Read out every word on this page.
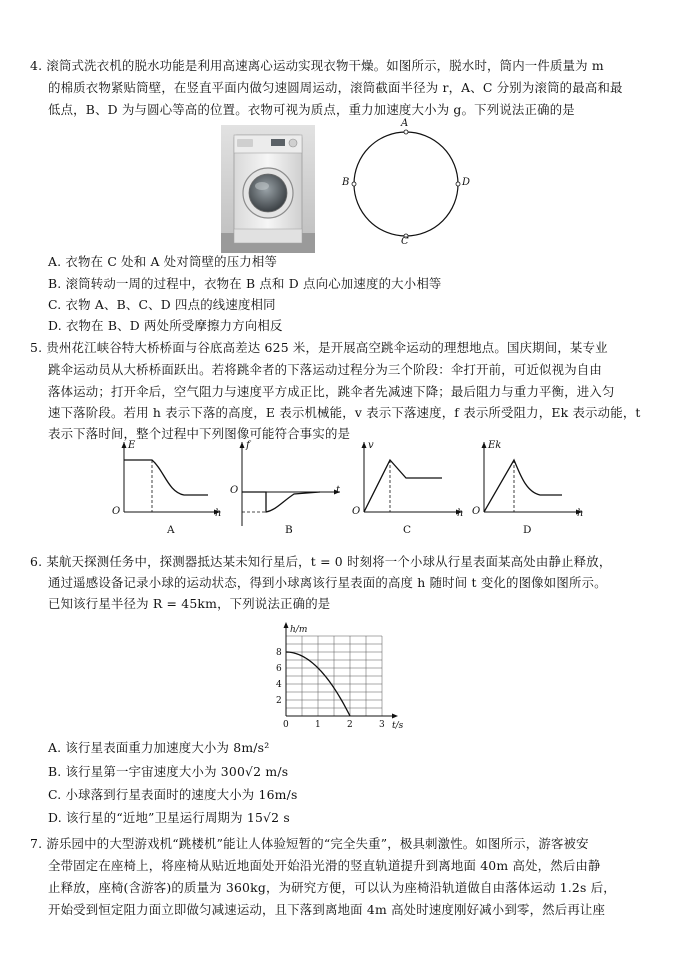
4. 滚筒式洗衣机的脱水功能是利用高速离心运动实现衣物干燥。如图所示，脱水时，筒内一件质量为 m
的棉质衣物紧贴筒壁，在竖直平面内做匀速圆周运动，滚筒截面半径为 r，A、C 分别为滚筒的最高和最
低点，B、D 为与圆心等高的位置。衣物可视为质点，重力加速度大小为 g。下列说法正确的是
A
C
B	D
A. 衣物在 C 处和 A 处对筒壁的压力相等
B. 滚筒转动一周的过程中，衣物在 B 点和 D 点向心加速度的大小相等
C. 衣物 A、B、C、D 四点的线速度相同
D. 衣物在 B、D 两处所受摩擦力方向相反
5. 贵州花江峡谷特大桥桥面与谷底高差达 625 米，是开展高空跳伞运动的理想地点。国庆期间，某专业
跳伞运动员从大桥桥面跃出。若将跳伞者的下落运动过程分为三个阶段：伞打开前，可近似视为自由
落体运动；打开伞后，空气阻力与速度平方成正比，跳伞者先减速下降；最后阻力与重力平衡，进入匀
速下落阶段。若用 h 表示下落的高度，E 表示机械能，v 表示下落速度，f 表示所受阻力，Ek 表示动能，t
表示下落时间，整个过程中下列图像可能符合事实的是
E
h
O
A
f
t
O
B
v
h
O
C
Ek
h
O
D
6. 某航天探测任务中，探测器抵达某未知行星后，t = 0 时刻将一个小球从行星表面某高处由静止释放，
通过遥感设备记录小球的运动状态，得到小球离该行星表面的高度 h 随时间 t 变化的图像如图所示。
已知该行星半径为 R = 45km，下列说法正确的是
h/m
t/s
0	1	2	3
2
4
6
8
A. 该行星表面重力加速度大小为 8m/s²
B. 该行星第一宇宙速度大小为 300√2 m/s
C. 小球落到行星表面时的速度大小为 16m/s
D. 该行星的“近地”卫星运行周期为 15√2 s
7. 游乐园中的大型游戏机“跳楼机”能让人体验短暂的“完全失重”，极具刺激性。如图所示，游客被安
全带固定在座椅上，将座椅从贴近地面处开始沿光滑的竖直轨道提升到离地面 40m 高处，然后由静
止释放，座椅(含游客)的质量为 360kg，为研究方便，可以认为座椅沿轨道做自由落体运动 1.2s 后，
开始受到恒定阻力面立即做匀减速运动，且下落到离地面 4m 高处时速度刚好减小到零，然后再让座
